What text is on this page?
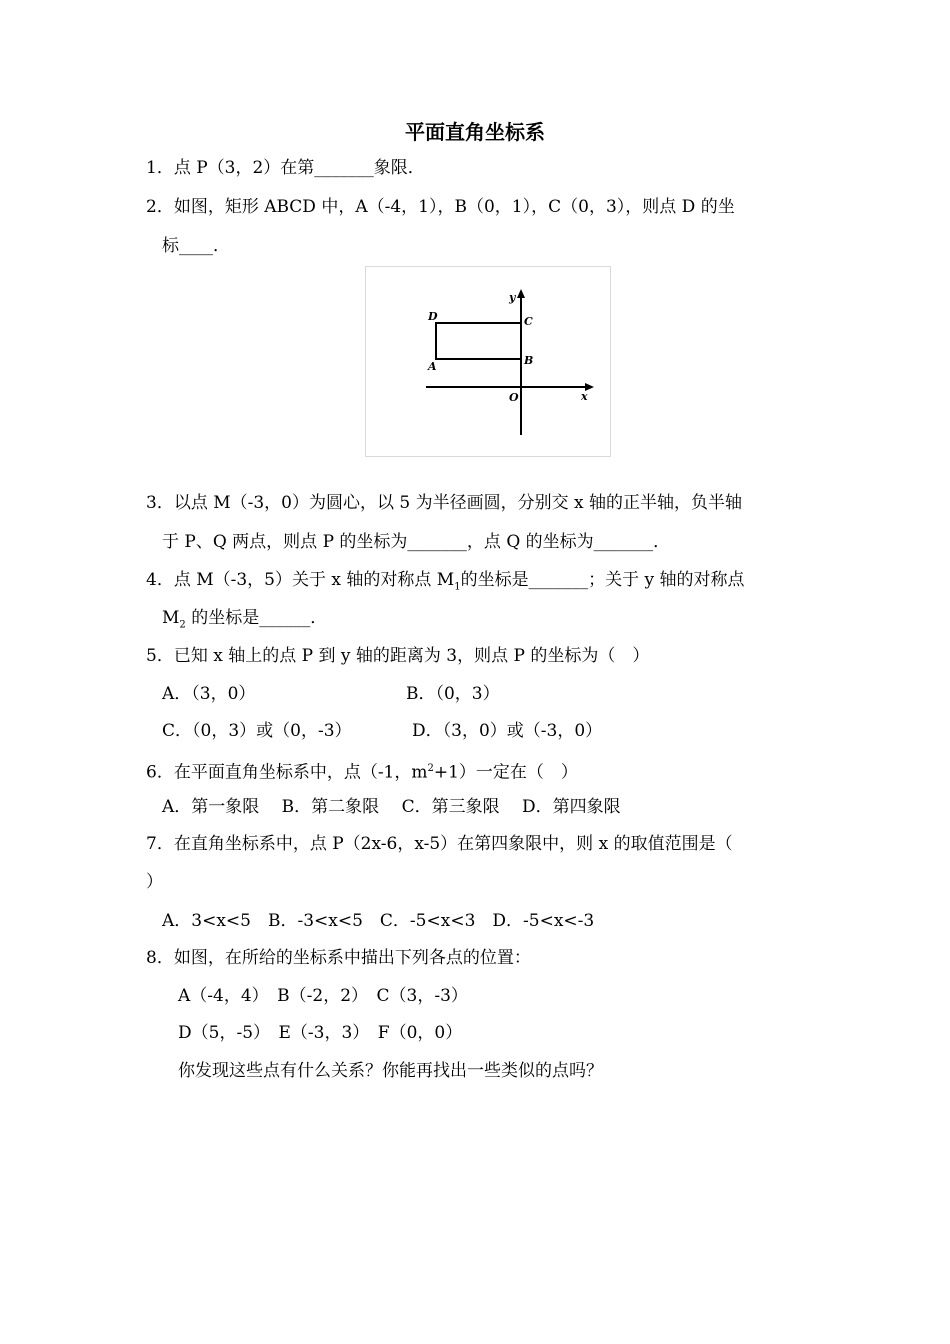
平面直角坐标系
1．点 P（3，2）在第_______象限．
2．如图，矩形 ABCD 中，A（-4，1），B（0，1），C（0，3），则点 D 的坐
标____．
y
x
O
A	B
C
D
3．以点 M（-3，0）为圆心，以 5 为半径画圆，分别交 x 轴的正半轴，负半轴
于 P、Q 两点，则点 P 的坐标为_______，点 Q 的坐标为_______．
4．点 M（-3，5）关于 x 轴的对称点 $M_1$的坐标是_______；关于 y 轴的对称点
$M_2$ 的坐标是______．
5．已知 x 轴上的点 P 到 y 轴的距离为 3，则点 P 的坐标为（　）
A．（3，0）	B．（0，3）
C．（0，3）或（0，-3）	D．（3，0）或（-3，0）
6．在平面直角坐标系中，点（-1，$m^2+1$）一定在（　）
A．第一象限　 B．第二象限　 C．第三象限　 D．第四象限
7．在直角坐标系中，点 P（2x-6，x-5）在第四象限中，则 x 的取值范围是（
）
A．3<x<5　B．-3<x<5　C．-5<x<3　D．-5<x<-3
8．如图，在所给的坐标系中描出下列各点的位置：
A（-4，4）　B（-2，2）　C（3，-3）
D（5，-5）　E（-3，3）　F（0，0）
你发现这些点有什么关系？你能再找出一些类似的点吗？
